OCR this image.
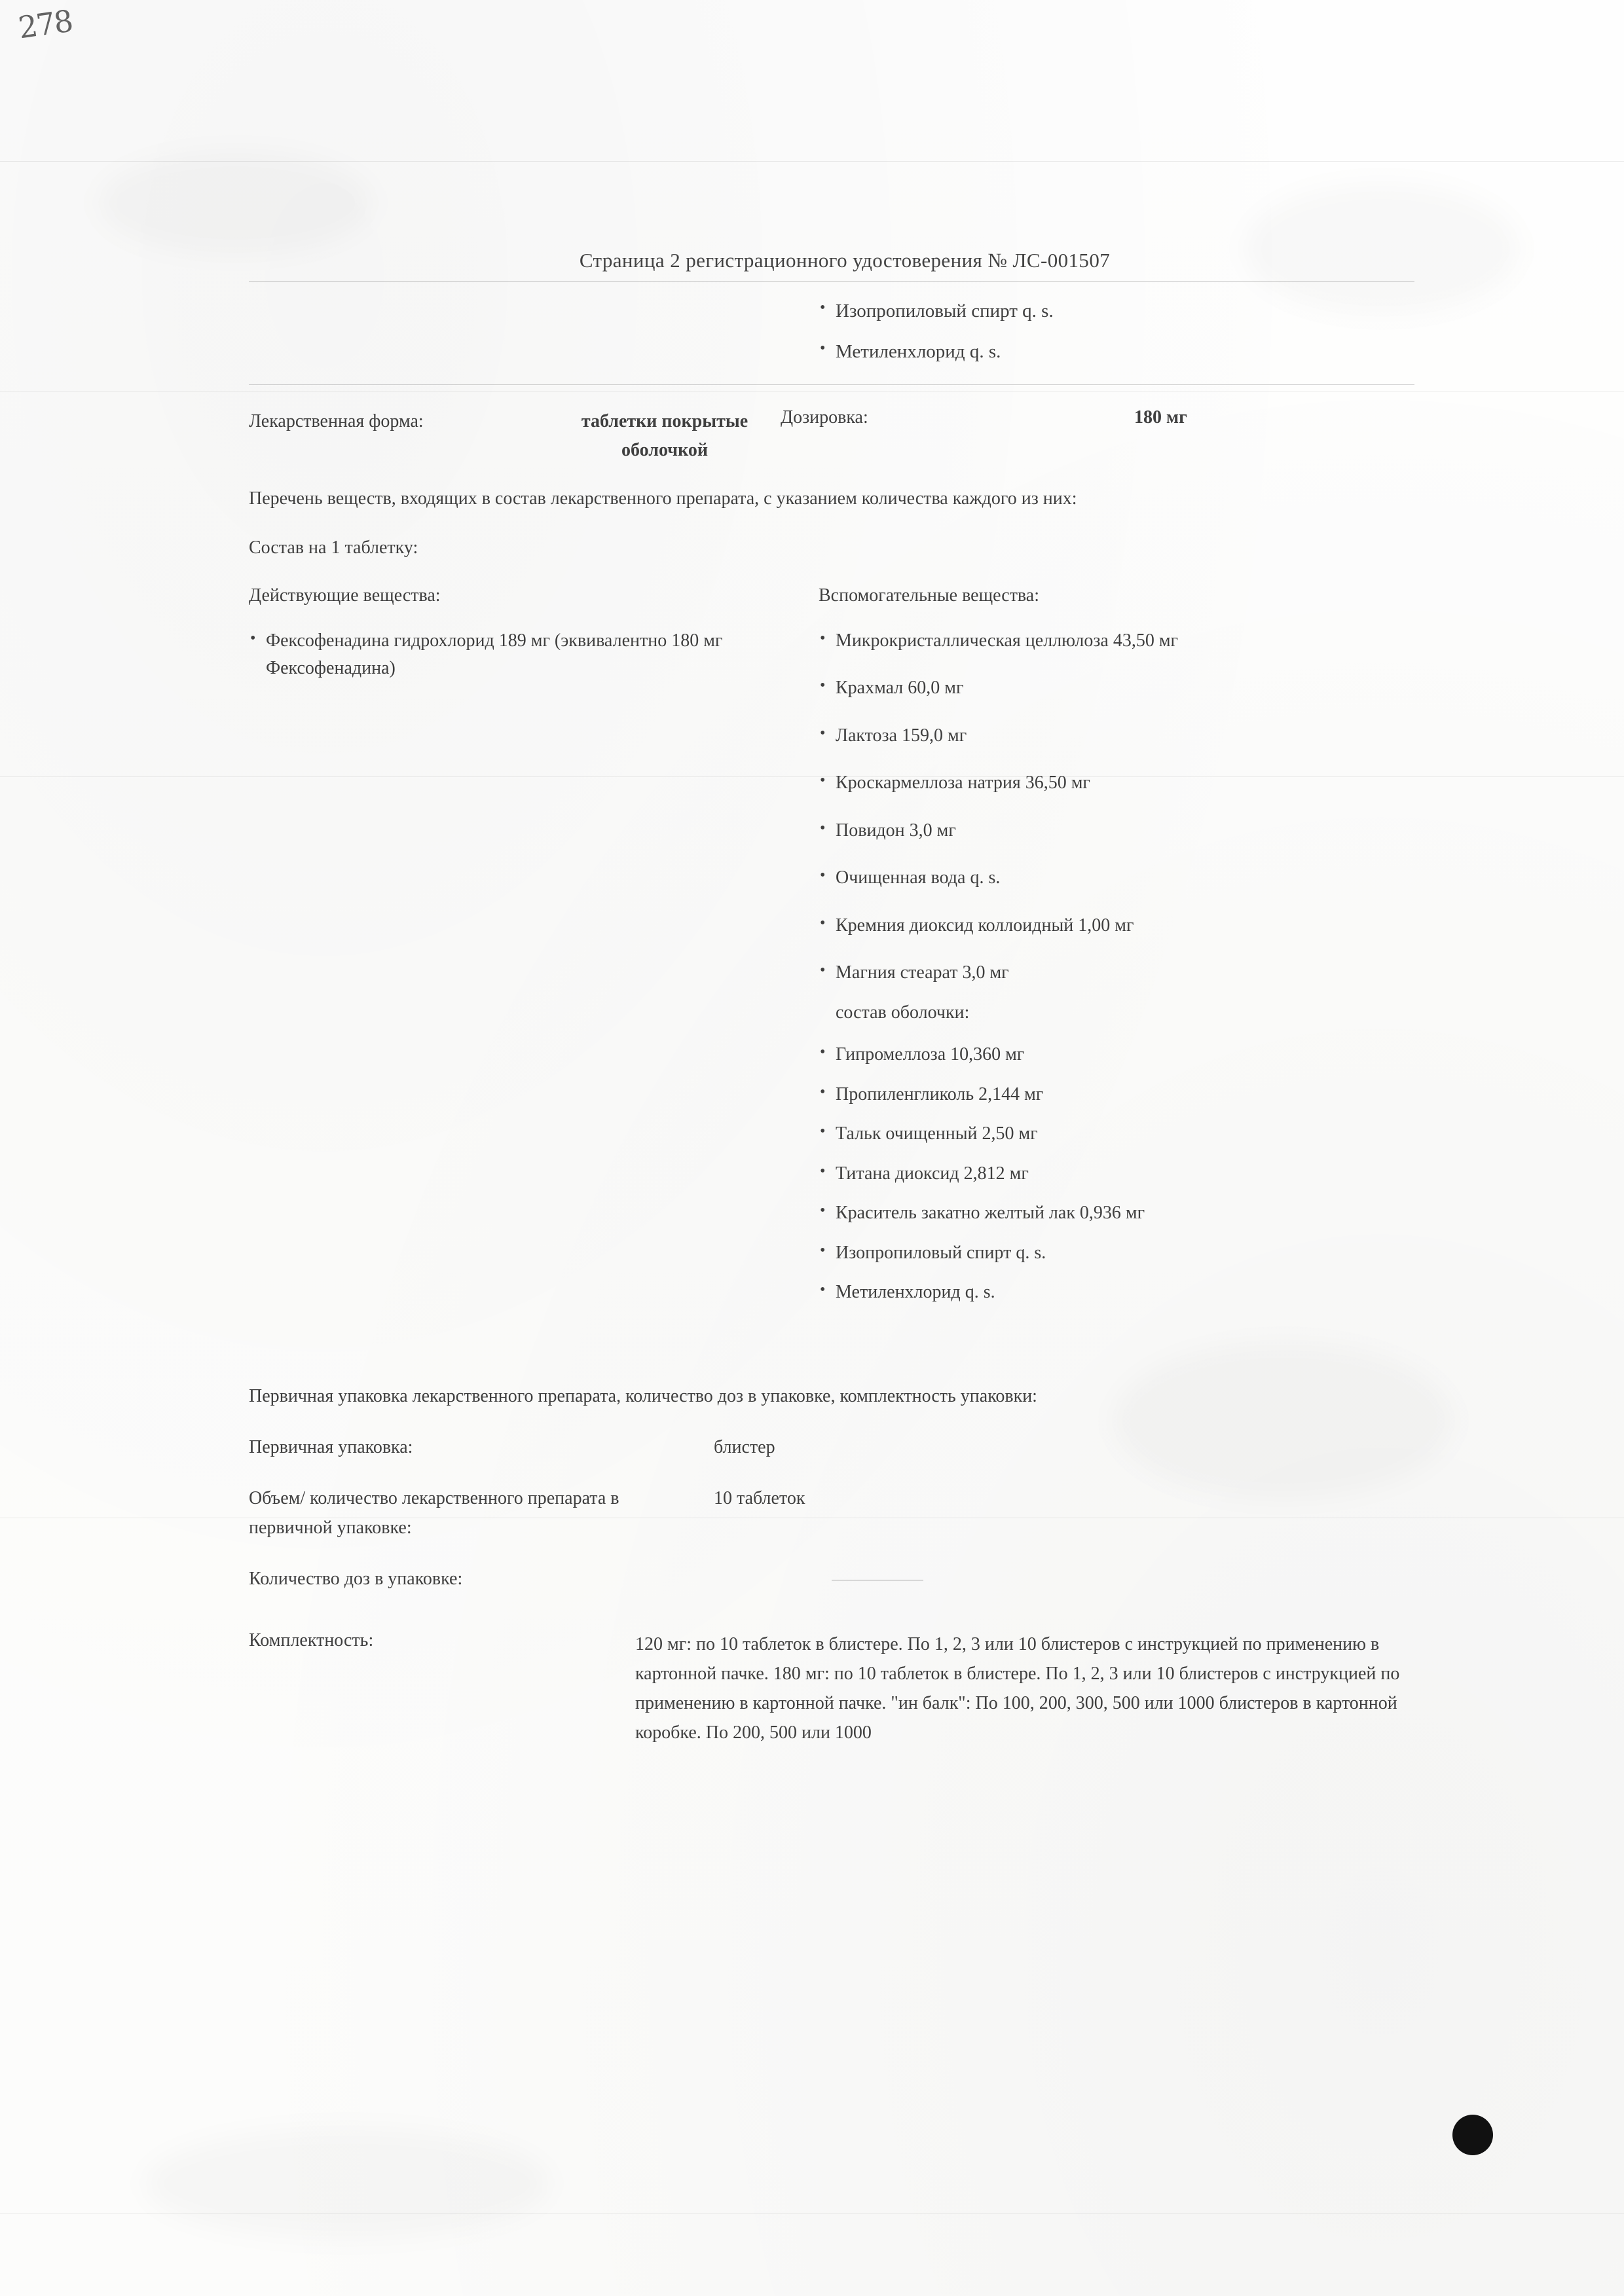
278
Страница 2 регистрационного удостоверения № ЛС-001507
• Изопропиловый спирт q. s.
• Метиленхлорид q. s.
Лекарственная форма:	таблетки покрытые оболочкой
Дозировка:	180 мг
Перечень веществ, входящих в состав лекарственного препарата, с указанием количества каждого из них:
Состав на 1 таблетку:
Действующие вещества:
• Фексофенадина гидрохлорид 189 мг (эквивалентно 180 мг Фексофенадина)
Вспомогательные вещества:
• Микрокристаллическая целлюлоза 43,50 мг
• Крахмал 60,0 мг
• Лактоза 159,0 мг
• Кроскармеллоза натрия 36,50 мг
• Повидон 3,0 мг
• Очищенная вода q. s.
• Кремния диоксид коллоидный 1,00 мг
• Магния стеарат 3,0 мг
состав оболочки:
• Гипромеллоза 10,360 мг
• Пропиленгликоль 2,144 мг
• Тальк очищенный 2,50 мг
• Титана диоксид 2,812 мг
• Краситель закатно желтый лак 0,936 мг
• Изопропиловый спирт q. s.
• Метиленхлорид q. s.
Первичная упаковка лекарственного препарата, количество доз в упаковке, комплектность упаковки:
Первичная упаковка:	блистер
Объем/ количество лекарственного препарата в первичной упаковке:
10 таблеток
Количество доз в упаковке:
Комплектность:	120 мг: по 10 таблеток в блистере. По 1, 2, 3 или 10 блистеров с инструкцией по применению в картонной пачке. 180 мг: по 10 таблеток в блистере. По 1, 2, 3 или 10 блистеров с инструкцией по применению в картонной пачке. "ин балк": По 100, 200, 300, 500 или 1000 блистеров в картонной коробке. По 200, 500 или 1000
